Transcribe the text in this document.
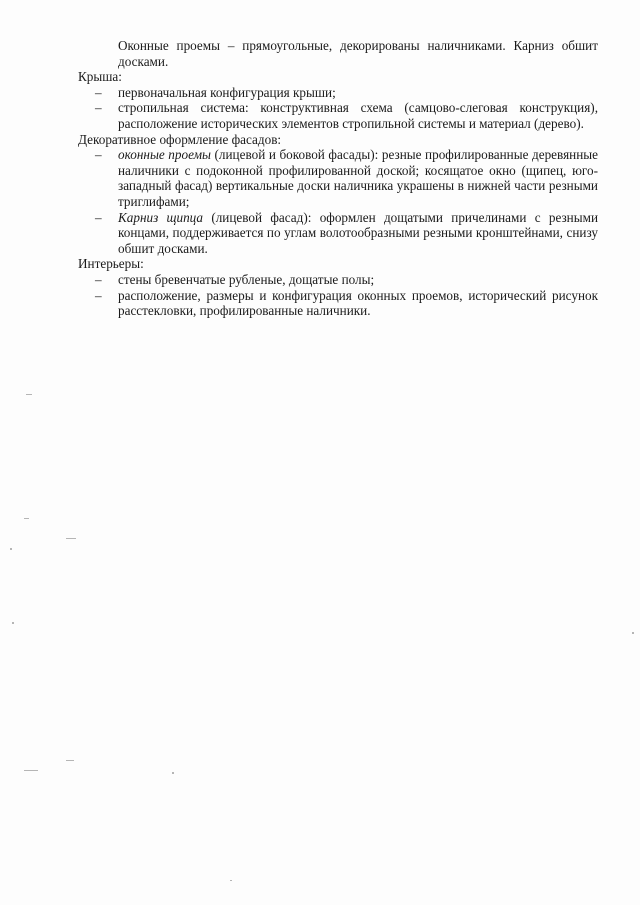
Оконные проемы – прямоугольные, декорированы наличниками. Карниз обшит досками.

Крыша:

– первоначальная конфигурация крыши;
– стропильная система: конструктивная схема (самцово-слеговая конструкция), расположение исторических элементов стропильной системы и материал (дерево).

Декоративное оформление фасадов:

– оконные проемы (лицевой и боковой фасады): резные профилированные деревянные наличники с подоконной профилированной доской; косящатое окно (щипец, юго-западный фасад) вертикальные доски наличника украшены в нижней части резными триглифами;
– Карниз щипца (лицевой фасад): оформлен дощатыми причелинами с резными концами, поддерживается по углам волотообразными резными кронштейнами, снизу обшит досками.

Интерьеры:

– стены бревенчатые рубленые, дощатые полы;
– расположение, размеры и конфигурация оконных проемов, исторический рисунок расстекловки, профилированные наличники.
